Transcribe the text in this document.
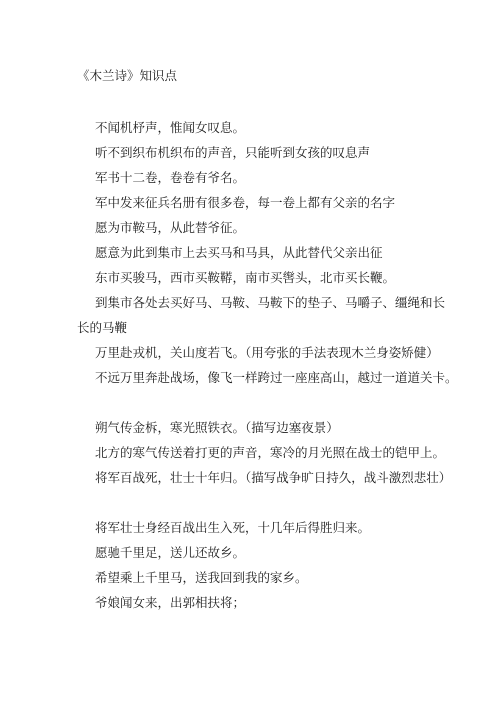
《木兰诗》知识点
不闻机杼声，惟闻女叹息。
听不到织布机织布的声音，只能听到女孩的叹息声
军书十二卷，卷卷有爷名。
军中发来征兵名册有很多卷，每一卷上都有父亲的名字
愿为市鞍马，从此替爷征。
愿意为此到集市上去买马和马具，从此替代父亲出征
东市买骏马，西市买鞍鞯，南市买辔头，北市买长鞭。
到集市各处去买好马、马鞍、马鞍下的垫子、马嚼子、缰绳和长
长的马鞭
万里赴戎机，关山度若飞。（用夸张的手法表现木兰身姿矫健）
不远万里奔赴战场，像飞一样跨过一座座高山，越过一道道关卡。
朔气传金柝，寒光照铁衣。（描写边塞夜景）
北方的寒气传送着打更的声音，寒冷的月光照在战士的铠甲上。
将军百战死，壮士十年归。（描写战争旷日持久，战斗激烈悲壮）
将军壮士身经百战出生入死，十几年后得胜归来。
愿驰千里足，送儿还故乡。
希望乘上千里马，送我回到我的家乡。
爷娘闻女来，出郭相扶将；
